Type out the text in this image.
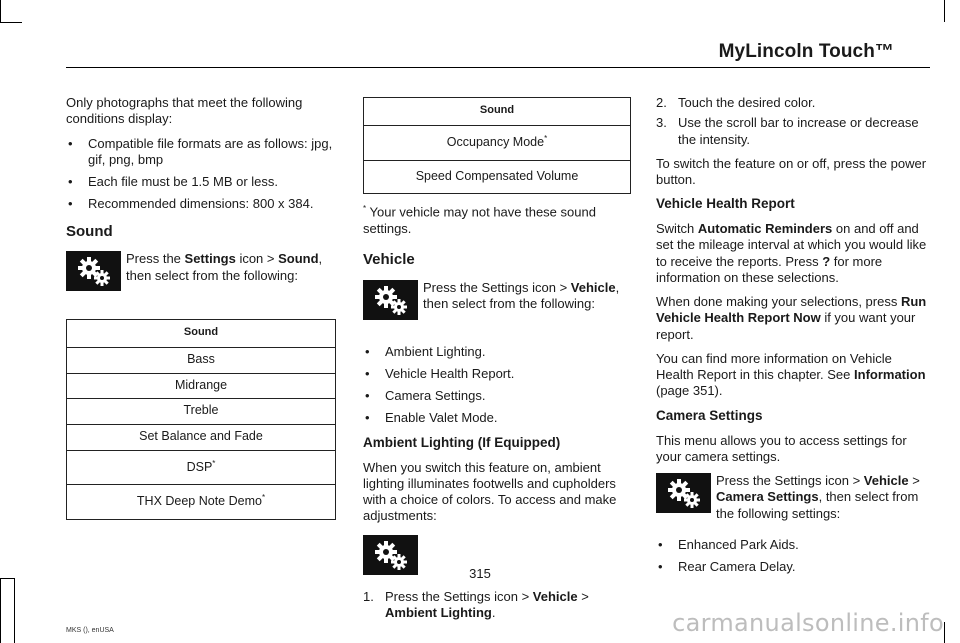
MyLincoln Touch™

Only photographs that meet the following conditions display:

• Compatible file formats are as follows: jpg, gif, png, bmp
• Each file must be 1.5 MB or less.
• Recommended dimensions: 800 x 384.
Sound
Press the Settings icon > Sound, then select from the following:
Sound
Bass
Midrange
Treble
Set Balance and Fade
DSP*
THX Deep Note Demo*
Sound
Occupancy Mode*
Speed Compensated Volume

* Your vehicle may not have these sound settings.

Vehicle
Press the Settings icon > Vehicle, then select from the following:
• Ambient Lighting.
• Vehicle Health Report.
• Camera Settings.
• Enable Valet Mode.
Ambient Lighting (If Equipped)

When you switch this feature on, ambient lighting illuminates footwells and cupholders with a choice of colors. To access and make adjustments:

1. Press the Settings icon > Vehicle > Ambient Lighting.
2. Touch the desired color.
3. Use the scroll bar to increase or decrease the intensity.

To switch the feature on or off, press the power button.

Vehicle Health Report

Switch Automatic Reminders on and off and set the mileage interval at which you would like to receive the reports. Press ? for more information on these selections.

When done making your selections, press Run Vehicle Health Report Now if you want your report.

You can find more information on Vehicle Health Report in this chapter. See Information (page 351).

Camera Settings

This menu allows you to access settings for your camera settings.

Press the Settings icon > Vehicle > Camera Settings, then select from the following settings:
• Enhanced Park Aids.
• Rear Camera Delay.
315
MKS (), enUSA	carmanualsonline.info
